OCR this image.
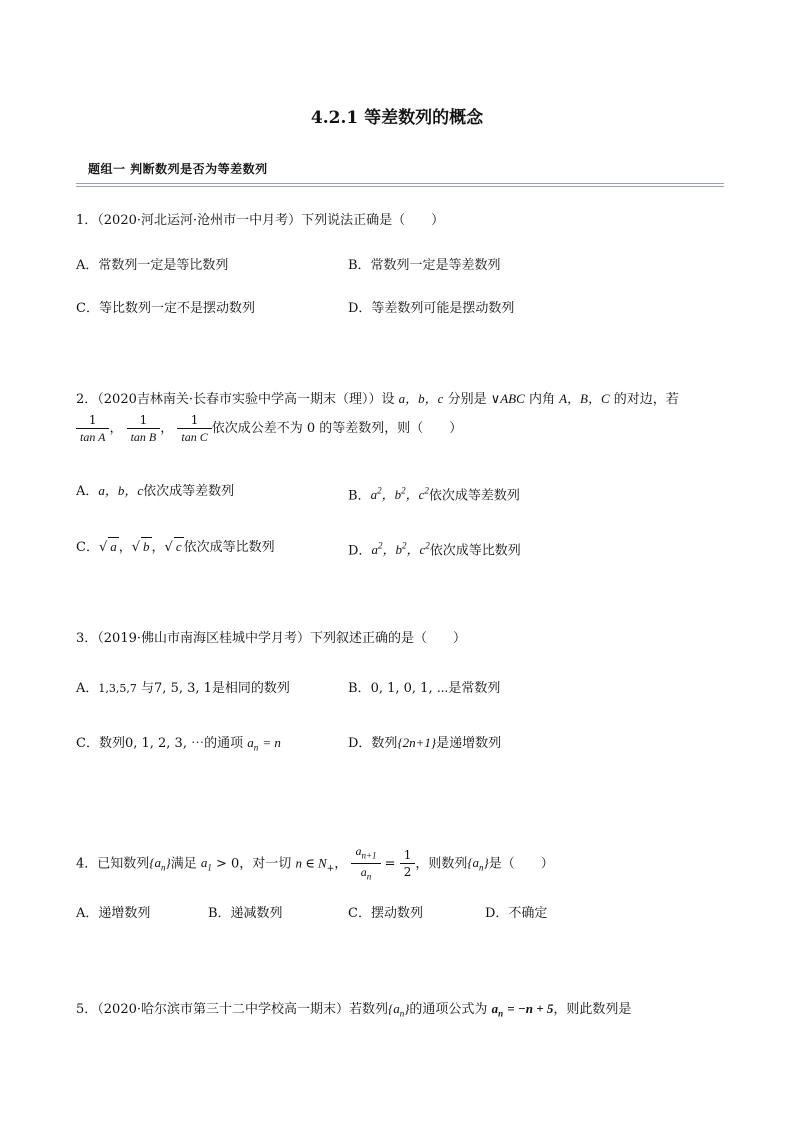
4.2.1 等差数列的概念
题组一 判断数列是否为等差数列
1．（2020·河北运河·沧州市一中月考）下列说法正确是（　　）
A．常数列一定是等比数列	B．常数列一定是等差数列
C．等比数列一定不是摆动数列	D．等差数列可能是摆动数列
2．（2020吉林南关·长春市实验中学高一期末（理））设 a，b，c 分别是 ∨ABC 内角 A，B，C 的对边，若
$\frac{1}{\text{tan A}}$ ， $\frac{1}{\text{tan B}}$ ， $\frac{1}{\text{tan C}}$ 依次成公差不为 0 的等差数列，则（　　）
A．a，b，c依次成等差数列	B．$a^2$，$b^2$，$c^2$依次成等差数列
C．√ a ，√ b ，√ c 依次成等比数列	D．$a^2$，$b^2$，$c^2$依次成等比数列
3．（2019·佛山市南海区桂城中学月考）下列叙述正确的是（　　）
A．1,3,5,7 与7, 5, 3, 1是相同的数列	B．0, 1, 0, 1, ⋯是常数列
C．数列0, 1, 2, 3, ⋯的通项 $a_n = n$	D．数列{2n+1}是递增数列
4．已知数列$\{a_n\}$满足 $a_1 > 0$，对一切 n ∈ $N_+$， $\frac{a_{n+1}}{a_n} = \frac{1}{2}$ ，则数列$\{a_n\}$是（　　）
A．递增数列	B．递减数列	C．摆动数列	D．不确定
5．（2020·哈尔滨市第三十二中学校高一期末）若数列$\{a_n\}$的通项公式为 $a_n = -n + 5$，则此数列是
